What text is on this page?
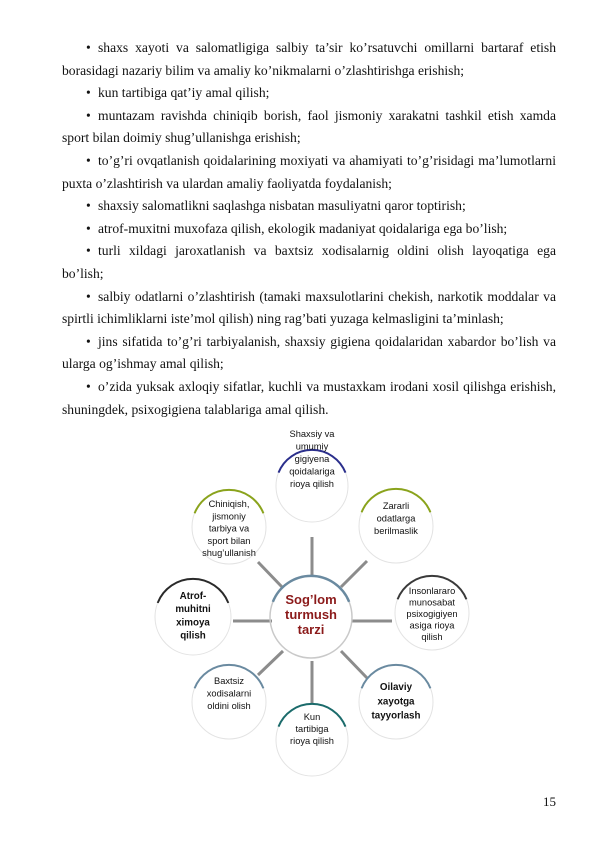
• shaxs xayoti va salomatligiga salbiy ta’sir ko’rsatuvchi omillarni bartaraf etish borasidagi nazariy bilim va amaliy ko’nikmalarni o’zlashtirishga erishish;

• kun tartibiga qat’iy amal qilish;

• muntazam ravishda chiniqib borish, faol jismoniy xarakatni tashkil etish xamda sport bilan doimiy shug’ullanishga erishish;

• to’g’ri ovqatlanish qoidalarining moxiyati va ahamiyati to’g’risidagi ma’lumotlarni puxta o’zlashtirish va ulardan amaliy faoliyatda foydalanish;

• shaxsiy salomatlikni saqlashga nisbatan masuliyatni qaror toptirish;

• atrof-muxitni muxofaza qilish, ekologik madaniyat qoidalariga ega bo’lish;

• turli xildagi jaroxatlanish va baxtsiz xodisalarnig oldini olish layoqatiga ega bo’lish;

• salbiy odatlarni o’zlashtirish (tamaki maxsulotlarini chekish, narkotik moddalar va spirtli ichimliklarni iste’mol qilish) ning rag’bati yuzaga kelmasligini ta’minlash;

• jins sifatida to’g’ri tarbiyalanish, shaxsiy gigiena qoidalaridan xabardor bo’lish va ularga og’ishmay amal qilish;

• o’zida yuksak axloqiy sifatlar, kuchli va mustaxkam irodani xosil qilishga erishish, shuningdek, psixogigiena talablariga amal qilish.

Sog’lom
turmush
tarzi
Shaxsiy va
umumiy
gigiyena
qoidalariga
rioya qilish
Zararli
odatlarga
berilmaslik
Insonlararo
munosabat
psixogigiyen
asiga rioya
qilish
Oilaviy
xayotga
tayyorlash
Kun
tartibiga
rioya qilish
Baxtsiz
xodisalarni
oldini olish
Atrof-
muhitni
ximoya
qilish
Chiniqish,
jismoniy
tarbiya va
sport bilan
shug’ullanish
15
